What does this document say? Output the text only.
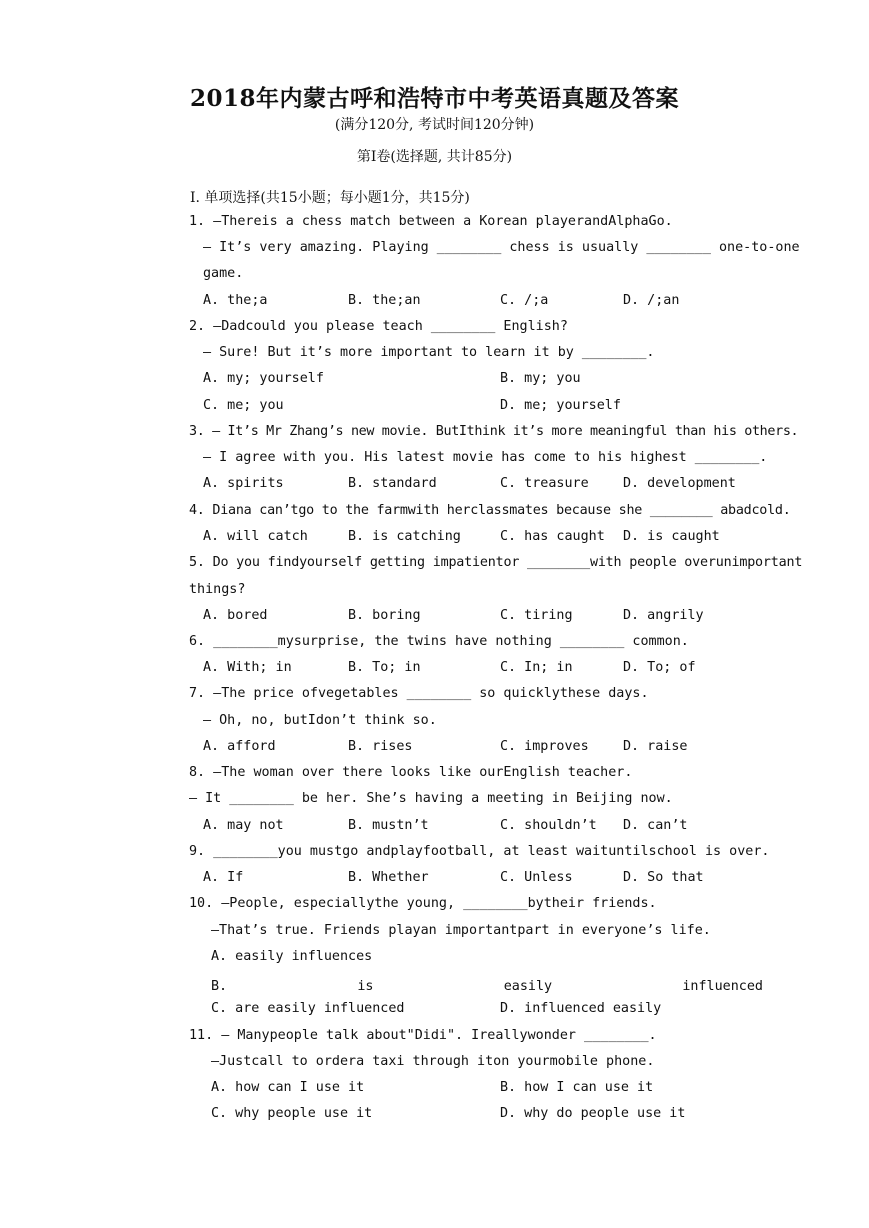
2018年内蒙古呼和浩特市中考英语真题及答案
(满分120分, 考试时间120分钟)
第Ⅰ卷(选择题, 共计85分)
Ⅰ. 单项选择(共15小题；每小题1分，共15分)
1. —Thereis a chess match between a Korean playerandAlphaGo.
— It’s very amazing. Playing ________ chess is usually ________ one-to-one
game.
A. the;a	B. the;an	C. /;a	D. /;an
2. —Dadcould you please teach ________ English?
— Sure! But it’s more important to learn it by ________.
A. my; yourself	B. my; you
C. me; you	D. me; yourself
3. — It’s Mr Zhang’s new movie. ButIthink it’s more meaningful than his others.
— I agree with you. His latest movie has come to his highest ________.
A. spirits	B. standard	C. treasure	D. development
4. Diana can’tgo to the farmwith herclassmates because she ________ abadcold.
A. will catch	B. is catching	C. has caught D. is caught
5. Do you findyourself getting impatientor ________with people overunimportant
things?
A. bored	B. boring	C. tiring	D. angrily
6. ________mysurprise, the twins have nothing ________ common.
A. With; in	B. To; in	C. In; in	D. To; of
7. —The price ofvegetables ________ so quicklythese days.
— Oh, no, butIdon’t think so.
A. afford	B. rises	C. improves	D. raise
8. —The woman over there looks like ourEnglish teacher.
— It ________ be her. She’s having a meeting in Beijing now.
A. may not	B. mustn’t	C. shouldn’t D. can’t
9. ________you mustgo andplayfootball, at least waituntilschool is over.
A. If	B. Whether	C. Unless	D. So that
10. —People, especiallythe young, ________bytheir friends.
—That’s true. Friends playan importantpart in everyone’s life.
A. easily influences
B. is easily influenced
C. are easily influenced	D. influenced easily
11. — Manypeople talk about"Didi". Ireallywonder ________.
—Justcall to ordera taxi through iton yourmobile phone.
A. how can I use it	B. how I can use it
C. why people use it	D. why do people use it
